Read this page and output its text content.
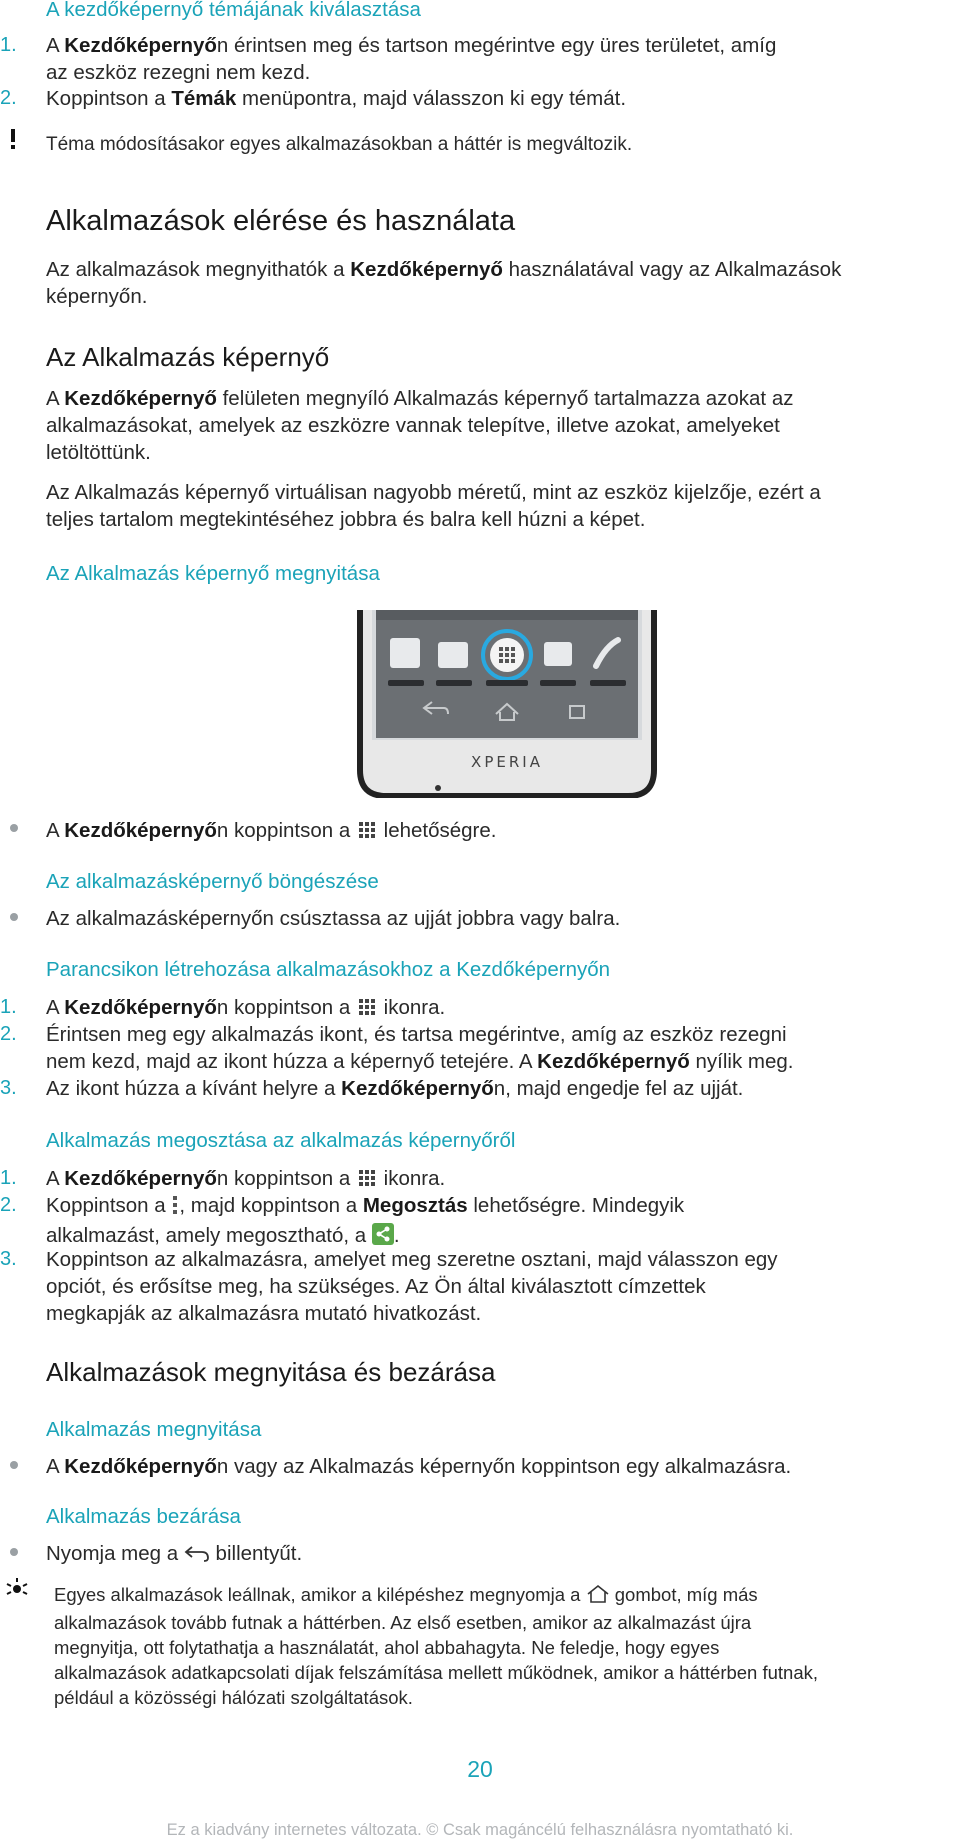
A kezdőképernyő témájának kiválasztása
1. A Kezdőképernyőn érintsen meg és tartson megérintve egy üres területet, amíg
az eszköz rezegni nem kezd.
2. Koppintson a Témák menüpontra, majd válasszon ki egy témát.
Téma módosításakor egyes alkalmazásokban a háttér is megváltozik.
Alkalmazások elérése és használata
Az alkalmazások megnyithatók a Kezdőképernyő használatával vagy az Alkalmazások
képernyőn.
Az Alkalmazás képernyő
A Kezdőképernyő felületen megnyíló Alkalmazás képernyő tartalmazza azokat az
alkalmazásokat, amelyek az eszközre vannak telepítve, illetve azokat, amelyeket
letöltöttünk.
Az Alkalmazás képernyő virtuálisan nagyobb méretű, mint az eszköz kijelzője, ezért a
teljes tartalom megtekintéséhez jobbra és balra kell húzni a képet.
Az Alkalmazás képernyő megnyitása
XPERIA
A Kezdőképernyőn koppintson a  lehetőségre.
Az alkalmazásképernyő böngészése
Az alkalmazásképernyőn csúsztassa az ujját jobbra vagy balra.
Parancsikon létrehozása alkalmazásokhoz a Kezdőképernyőn
1. A Kezdőképernyőn koppintson a  ikonra.
2. Érintsen meg egy alkalmazás ikont, és tartsa megérintve, amíg az eszköz rezegni
nem kezd, majd az ikont húzza a képernyő tetejére. A Kezdőképernyő nyílik meg.
3. Az ikont húzza a kívánt helyre a Kezdőképernyőn, majd engedje fel az ujját.
Alkalmazás megosztása az alkalmazás képernyőről
1. A Kezdőképernyőn koppintson a  ikonra.
2. Koppintson a , majd koppintson a Megosztás lehetőségre. Mindegyik
alkalmazást, amely megosztható, a .
3. Koppintson az alkalmazásra, amelyet meg szeretne osztani, majd válasszon egy
opciót, és erősítse meg, ha szükséges. Az Ön által kiválasztott címzettek
megkapják az alkalmazásra mutató hivatkozást.
Alkalmazások megnyitása és bezárása
Alkalmazás megnyitása
A Kezdőképernyőn vagy az Alkalmazás képernyőn koppintson egy alkalmazásra.
Alkalmazás bezárása
Nyomja meg a  billentyűt.
Egyes alkalmazások leállnak, amikor a kilépéshez megnyomja a  gombot, míg más
alkalmazások tovább futnak a háttérben. Az első esetben, amikor az alkalmazást újra
megnyitja, ott folytathatja a használatát, ahol abbahagyta. Ne feledje, hogy egyes
alkalmazások adatkapcsolati díjak felszámítása mellett működnek, amikor a háttérben futnak,
például a közösségi hálózati szolgáltatások.
20
Ez a kiadvány internetes változata. © Csak magáncélú felhasználásra nyomtatható ki.
